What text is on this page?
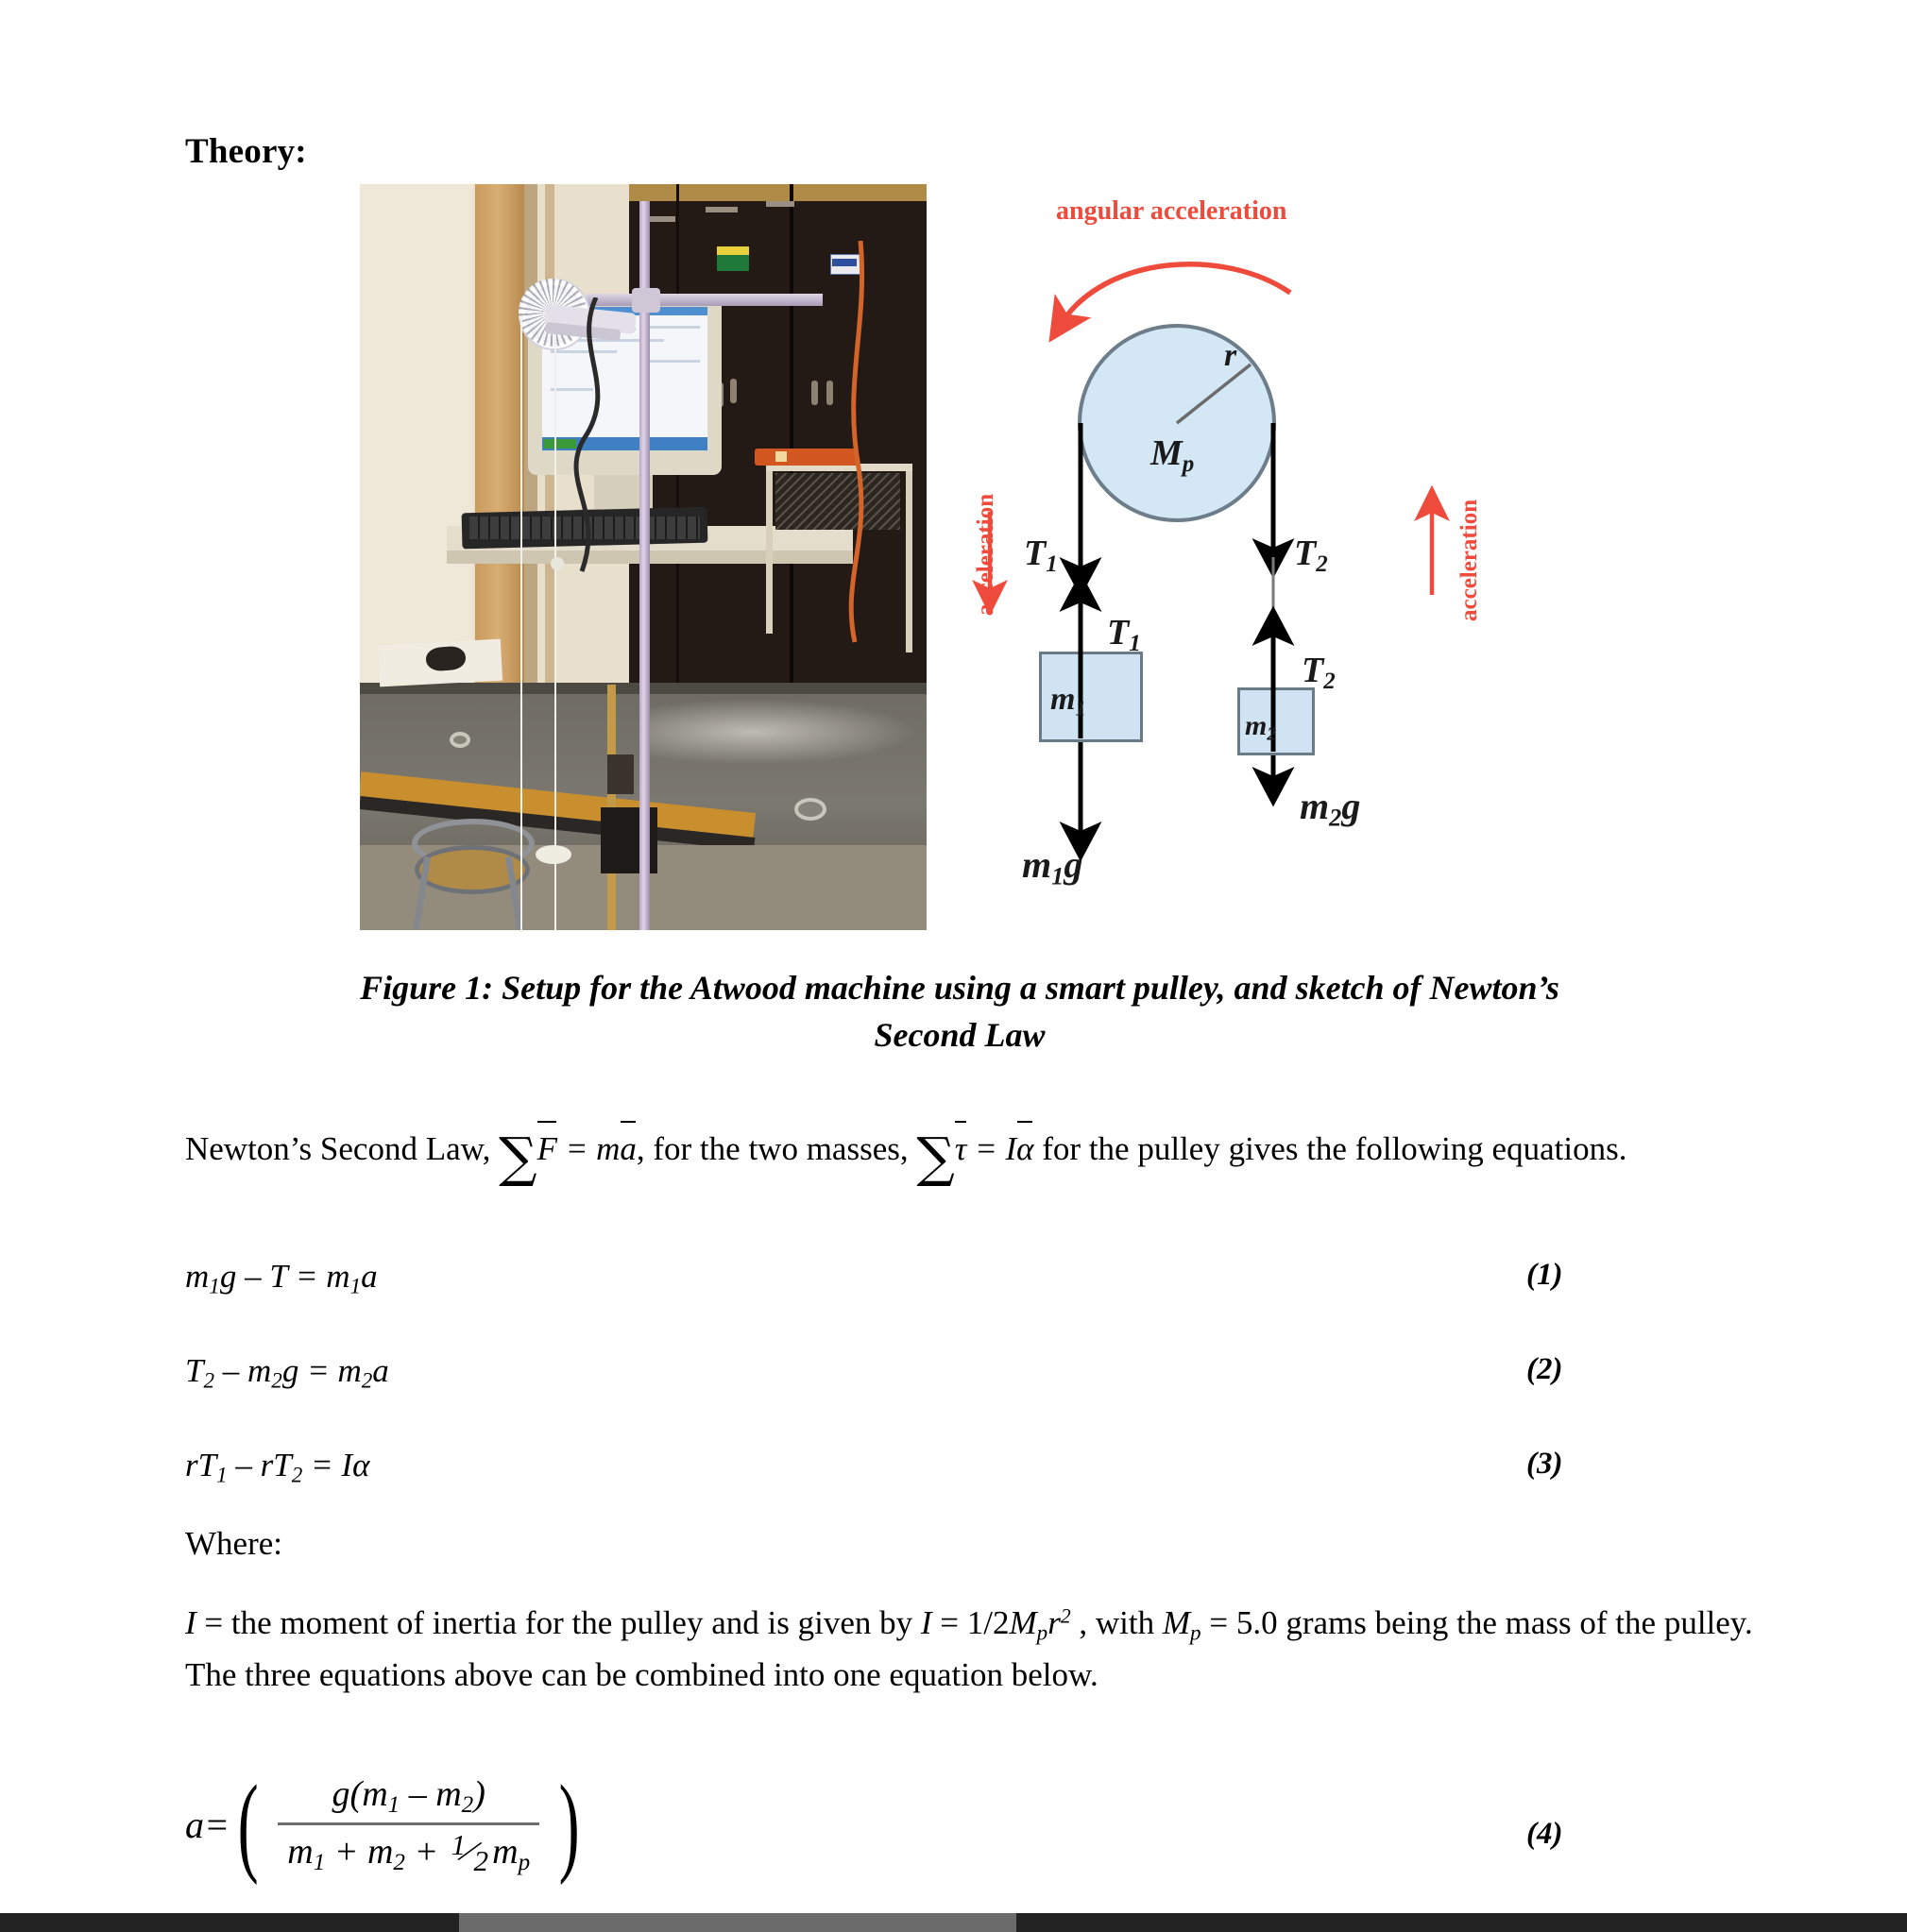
Theory:
angular acceleration
r
$M_p$
$T_1$	$T_2$
$T_1$
$T_2$
$m_1$
$m_2$
$m_1g$
$m_2g$
acceleration	acceleration
Figure 1: Setup for the Atwood machine using a smart pulley, and sketch of Newton’s
Second Law
Newton’s Second Law, ∑F = ma, for the two masses, ∑τ = Iα for the pulley gives the following equations.
$m_1g - T = m_1a$	(1)
$T_2 - m_2g = m_2a$	(2)
$rT_1 - rT_2 = I\alpha$	(3)
Where:
I = the moment of inertia for the pulley and is given by $I = 1/2M_pr^2$ , with $M_p = 5.0$ grams being the mass of the pulley. The three equations above can be combined into one equation below.
a = ( $\frac{g(m_1 - m_2)}{m_1 + m_2 + ^1⁄_2 m_p}$ )	(4)
